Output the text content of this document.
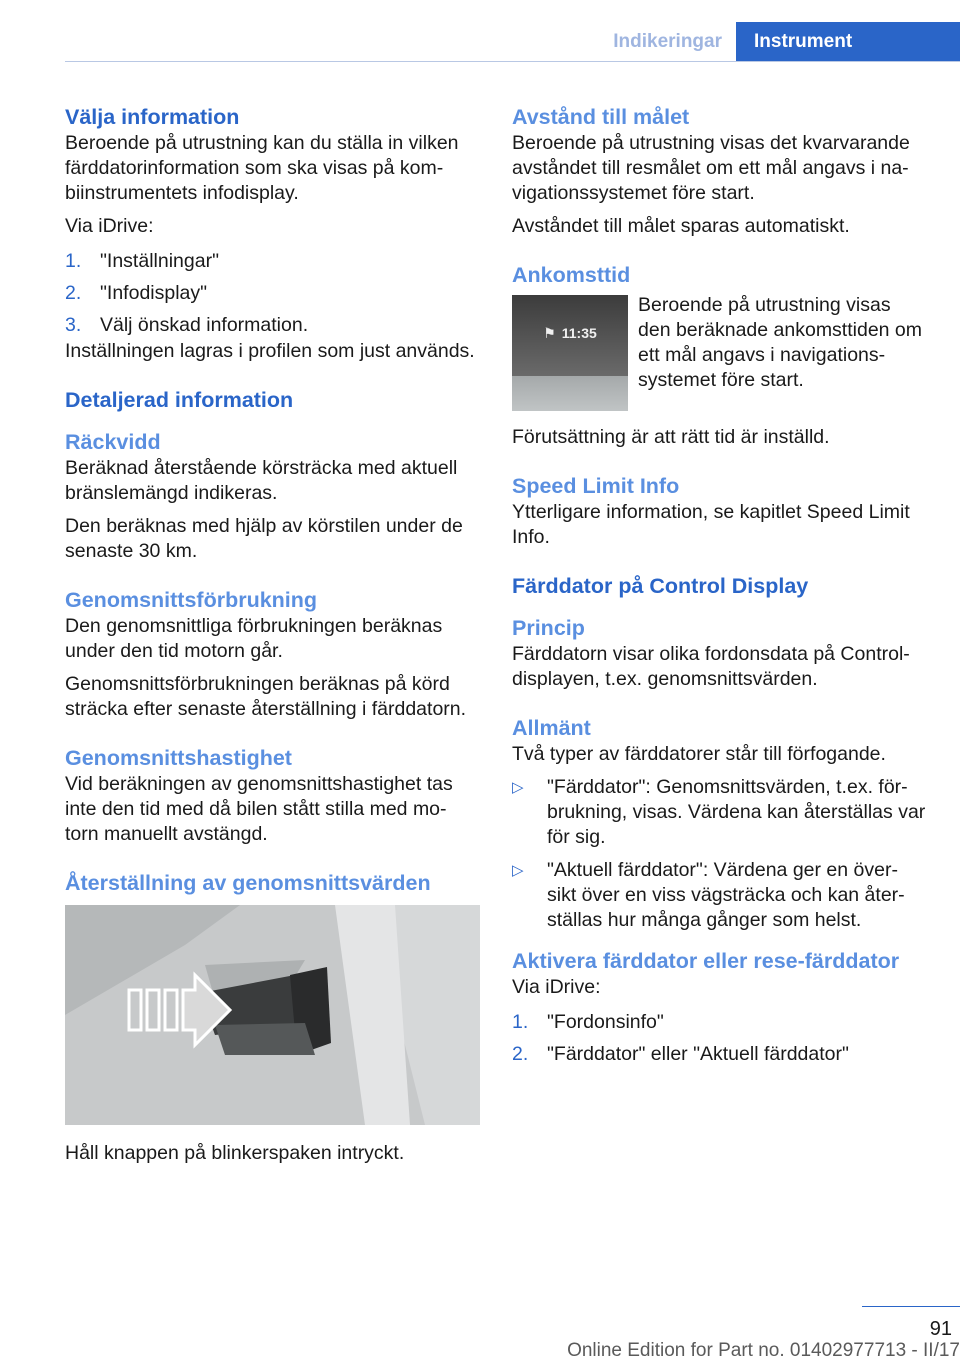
Indikeringar	Instrument
Välja information

Beroende på utrustning kan du ställa in vilken färddatorinformation som ska visas på kom-biinstrumentets infodisplay.

Via iDrive:

1. "Inställningar"
2. "Infodisplay"
3. Välj önskad information.

Inställningen lagras i profilen som just används.

Detaljerad information
Räckvidd

Beräknad återstående körsträcka med aktuell bränslemängd indikeras.

Den beräknas med hjälp av körstilen under de senaste 30 km.

Genomsnittsförbrukning

Den genomsnittliga förbrukningen beräknas under den tid motorn går.

Genomsnittsförbrukningen beräknas på körd sträcka efter senaste återställning i färddatorn.

Genomsnittshastighet

Vid beräkningen av genomsnittshastighet tas inte den tid med då bilen stått stilla med mo-torn manuellt avstängd.

Återställning av genomsnittsvärden

Håll knappen på blinkerspaken intryckt.

Avstånd till målet

Beroende på utrustning visas det kvarvarande avståndet till resmålet om ett mål angavs i na-vigationssystemet före start.

Avståndet till målet sparas automatiskt.

Ankomsttid
⚑ 11:35

Beroende på utrustning visas den beräknade ankomsttiden om ett mål angavs i navigations-systemet före start.

Förutsättning är att rätt tid är inställd.

Speed Limit Info

Ytterligare information, se kapitlet Speed Limit Info.

Färddator på Control Display
Princip

Färddatorn visar olika fordonsdata på Control-displayen, t.ex. genomsnittsvärden.

Allmänt

Två typer av färddatorer står till förfogande.

▷	"Färddator": Genomsnittsvärden, t.ex. för-brukning, visas. Värdena kan återställas var för sig.
▷	"Aktuell färddator": Värdena ger en över-sikt över en viss vägsträcka och kan åter-ställas hur många gånger som helst.
Aktivera färddator eller rese-färddator

Via iDrive:

1. "Fordonsinfo"
2. "Färddator" eller "Aktuell färddator"
91
Online Edition for Part no. 01402977713 - II/17
